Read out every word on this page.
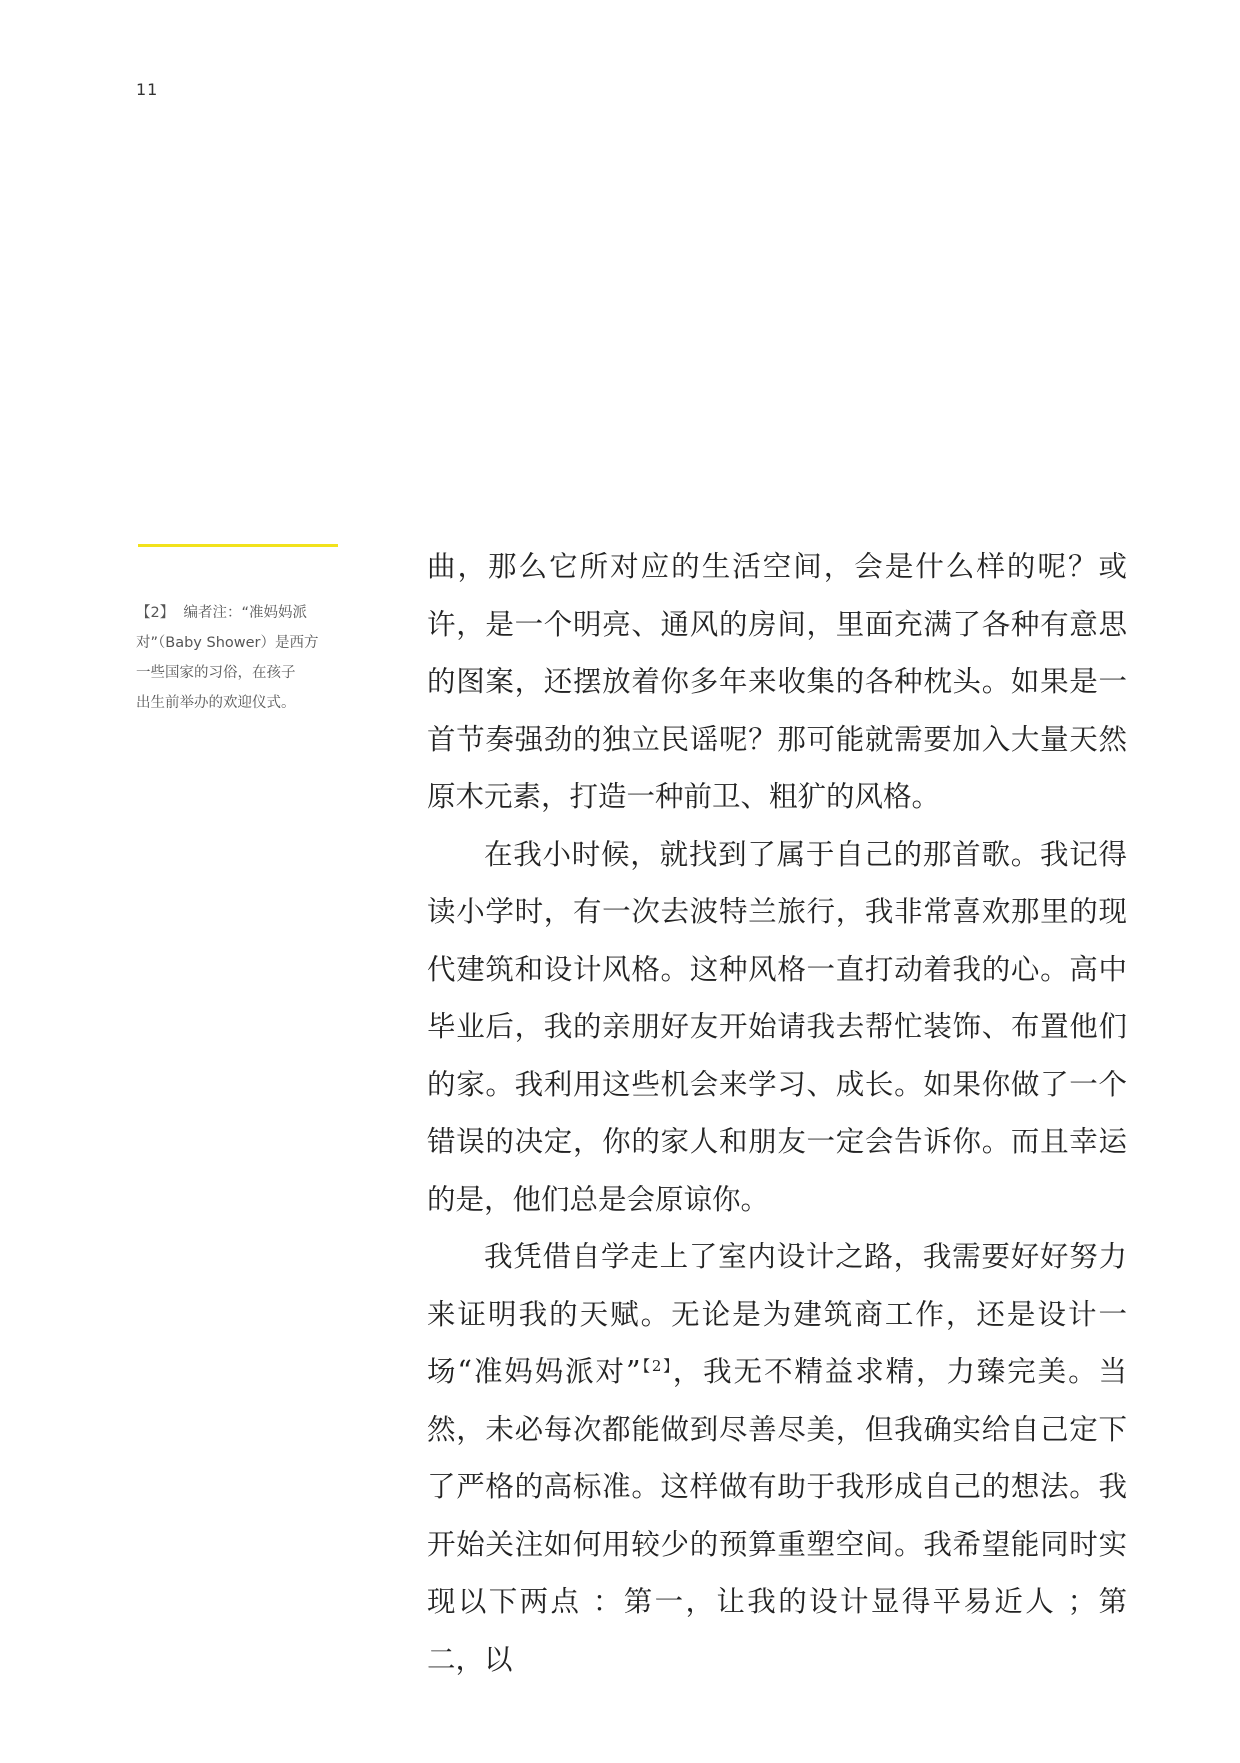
11
【2】  编者注：“准妈妈派
对”（Baby Shower）是西方
一些国家的习俗，在孩子
出生前举办的欢迎仪式。

曲，那么它所对应的生活空间，会是什么样的呢？或许，是一个明亮、通风的房间，里面充满了各种有意思的图案，还摆放着你多年来收集的各种枕头。如果是一首节奏强劲的独立民谣呢？那可能就需要加入大量天然原木元素，打造一种前卫、粗犷的风格。

在我小时候，就找到了属于自己的那首歌。我记得读小学时，有一次去波特兰旅行，我非常喜欢那里的现代建筑和设计风格。这种风格一直打动着我的心。高中毕业后，我的亲朋好友开始请我去帮忙装饰、布置他们的家。我利用这些机会来学习、成长。如果你做了一个错误的决定，你的家人和朋友一定会告诉你。而且幸运的是，他们总是会原谅你。

我凭借自学走上了室内设计之路，我需要好好努力来证明我的天赋。无论是为建筑商工作，还是设计一场“准妈妈派对”$^{【2】}$，我无不精益求精，力臻完美。当然，未必每次都能做到尽善尽美，但我确实给自己定下了严格的高标准。这样做有助于我形成自己的想法。我开始关注如何用较少的预算重塑空间。我希望能同时实现以下两点 ：第一，让我的设计显得平易近人 ；第二，以
